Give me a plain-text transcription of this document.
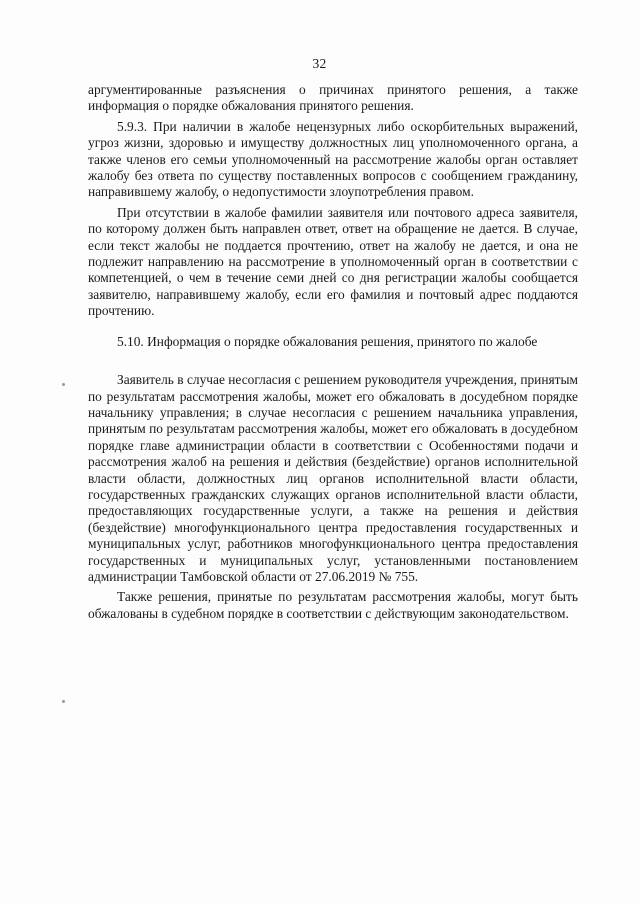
32

аргументированные разъяснения о причинах принятого решения, а также информация о порядке обжалования принятого решения.

5.9.3. При наличии в жалобе нецензурных либо оскорбительных выражений, угроз жизни, здоровью и имуществу должностных лиц уполномоченного органа, а также членов его семьи уполномоченный на рассмотрение жалобы орган оставляет жалобу без ответа по существу поставленных вопросов с сообщением гражданину, направившему жалобу, о недопустимости злоупотребления правом.

При отсутствии в жалобе фамилии заявителя или почтового адреса заявителя, по которому должен быть направлен ответ, ответ на обращение не дается. В случае, если текст жалобы не поддается прочтению, ответ на жалобу не дается, и она не подлежит направлению на рассмотрение в уполномоченный орган в соответствии с компетенцией, о чем в течение семи дней со дня регистрации жалобы сообщается заявителю, направившему жалобу, если его фамилия и почтовый адрес поддаются прочтению.

5.10. Информация о порядке обжалования решения, принятого по жалобе

Заявитель в случае несогласия с решением руководителя учреждения, принятым по результатам рассмотрения жалобы, может его обжаловать в досудебном порядке начальнику управления; в случае несогласия с решением начальника управления, принятым по результатам рассмотрения жалобы, может его обжаловать в досудебном порядке главе администрации области в соответствии с Особенностями подачи и рассмотрения жалоб на решения и действия (бездействие) органов исполнительной власти области, должностных лиц органов исполнительной власти области, государственных гражданских служащих органов исполнительной власти области, предоставляющих государственные услуги, а также на решения и действия (бездействие) многофункционального центра предоставления государственных и муниципальных услуг, работников многофункционального центра предоставления государственных и муниципальных услуг, установленными постановлением администрации Тамбовской области от 27.06.2019 № 755.

Также решения, принятые по результатам рассмотрения жалобы, могут быть обжалованы в судебном порядке в соответствии с действующим законодательством.
